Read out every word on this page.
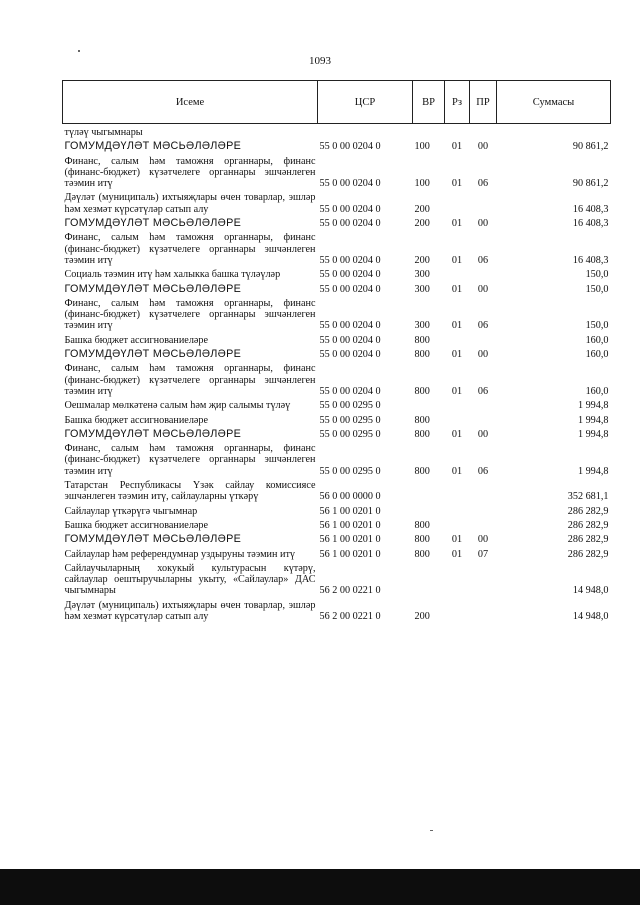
1093
Исеме	ЦСР	ВР	Рз	ПР	Суммасы
түләү чыгымнары					
ГОМУМДӘҮЛӘТ МӘСЬӘЛӘЛӘРЕ	55 0 00 0204 0	100	01	00	90 861,2
Финанс, салым һәм таможня органнары, финанс (финанс-бюджет) күзәтчелеге органнары эшчәнлеген тәэмин итү	55 0 00 0204 0	100	01	06	90 861,2
Дәүләт (муниципаль) ихтыяҗлары өчен товарлар, эшләр һәм хезмәт күрсәтүләр сатып алу	55 0 00 0204 0	200			16 408,3
ГОМУМДӘҮЛӘТ МӘСЬӘЛӘЛӘРЕ	55 0 00 0204 0	200	01	00	16 408,3
Финанс, салым һәм таможня органнары, финанс (финанс-бюджет) күзәтчелеге органнары эшчәнлеген тәэмин итү	55 0 00 0204 0	200	01	06	16 408,3
Социаль тәэмин итү һәм халыкка башка түләүләр	55 0 00 0204 0	300			150,0
ГОМУМДӘҮЛӘТ МӘСЬӘЛӘЛӘРЕ	55 0 00 0204 0	300	01	00	150,0
Финанс, салым һәм таможня органнары, финанс (финанс-бюджет) күзәтчелеге органнары эшчәнлеген тәэмин итү	55 0 00 0204 0	300	01	06	150,0
Башка бюджет ассигнованиеләре	55 0 00 0204 0	800			160,0
ГОМУМДӘҮЛӘТ МӘСЬӘЛӘЛӘРЕ	55 0 00 0204 0	800	01	00	160,0
Финанс, салым һәм таможня органнары, финанс (финанс-бюджет) күзәтчелеге органнары эшчәнлеген тәэмин итү	55 0 00 0204 0	800	01	06	160,0
Оешмалар мөлкәтенә салым һәм җир салымы түләү	55 0 00 0295 0				1 994,8
Башка бюджет ассигнованиеләре	55 0 00 0295 0	800			1 994,8
ГОМУМДӘҮЛӘТ МӘСЬӘЛӘЛӘРЕ	55 0 00 0295 0	800	01	00	1 994,8
Финанс, салым һәм таможня органнары, финанс (финанс-бюджет) күзәтчелеге органнары эшчәнлеген тәэмин итү	55 0 00 0295 0	800	01	06	1 994,8
Татарстан Республикасы Үзәк сайлау комиссиясе эшчәнлеген тәэмин итү, сайлауларны үткәрү	56 0 00 0000 0				352 681,1
Сайлаулар үткәрүгә чыгымнар	56 1 00 0201 0				286 282,9
Башка бюджет ассигнованиеләре	56 1 00 0201 0	800			286 282,9
ГОМУМДӘҮЛӘТ МӘСЬӘЛӘЛӘРЕ	56 1 00 0201 0	800	01	00	286 282,9
Сайлаулар һәм референдумнар уздыруны тәэмин итү	56 1 00 0201 0	800	01	07	286 282,9
Сайлаучыларның хокукый культурасын күтәрү, сайлаулар оештыручыларны укыту, «Сайлаулар» ДАС чыгымнары	56 2 00 0221 0				14 948,0
Дәүләт (муниципаль) ихтыяҗлары өчен товарлар, эшләр һәм хезмәт күрсәтүләр сатып алу	56 2 00 0221 0	200			14 948,0
